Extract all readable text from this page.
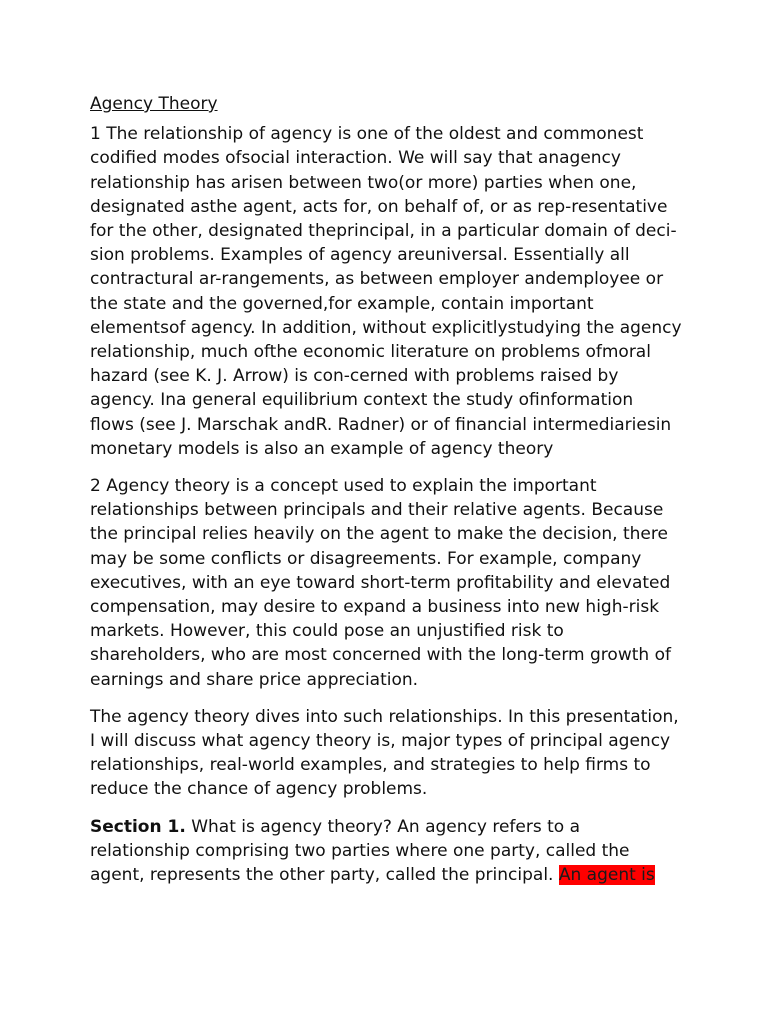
Agency Theory

1 The relationship of agency is one of the oldest and commonest codified modes ofsocial interaction. We will say that anagency relationship has arisen between two(or more) parties when one, designated asthe agent, acts for, on behalf of, or as rep-resentative for the other, designated theprincipal, in a particular domain of deci-sion problems. Examples of agency areuniversal. Essentially all contractural ar-rangements, as between employer andemployee or the state and the governed,for example, contain important elementsof agency. In addition, without explicitlystudying the agency relationship, much ofthe economic literature on problems ofmoral hazard (see K. J. Arrow) is con-cerned with problems raised by agency. Ina general equilibrium context the study ofinformation flows (see J. Marschak andR. Radner) or of financial intermediariesin monetary models is also an example of agency theory

2 Agency theory is a concept used to explain the important relationships between principals and their relative agents. Because the principal relies heavily on the agent to make the decision, there may be some conflicts or disagreements. For example, company executives, with an eye toward short-term profitability and elevated compensation, may desire to expand a business into new high-risk markets. However, this could pose an unjustified risk to shareholders, who are most concerned with the long-term growth of earnings and share price appreciation.

The agency theory dives into such relationships. In this presentation, I will discuss what agency theory is, major types of principal agency relationships, real-world examples, and strategies to help firms to reduce the chance of agency problems.

Section 1. What is agency theory? An agency refers to a relationship comprising two parties where one party, called the agent, represents the other party, called the principal. An agent is
